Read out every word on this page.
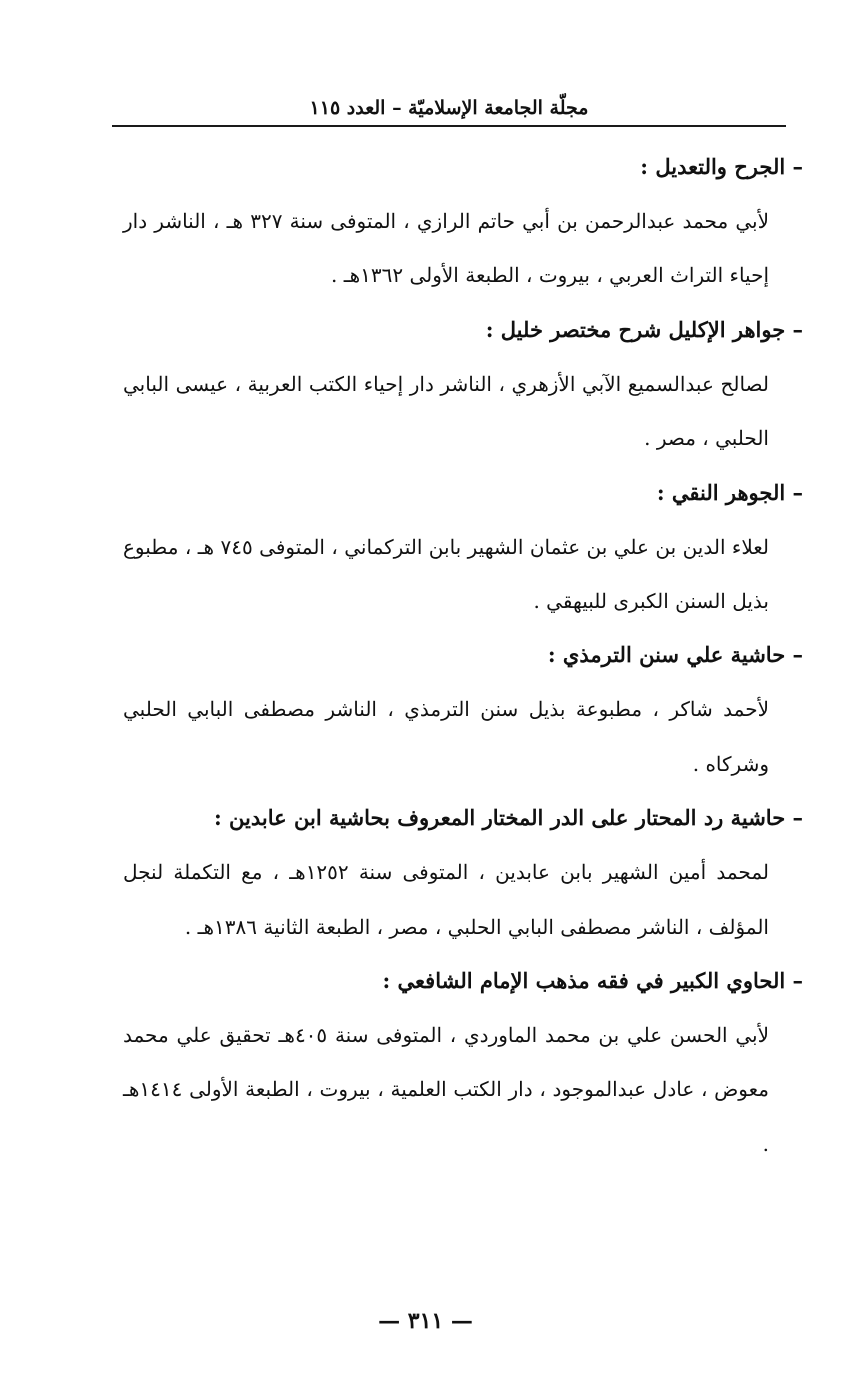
مجلّة الجامعة الإسلاميّة – العدد ١١٥
– الجرح والتعديل :
لأبي محمد عبدالرحمن بن أبي حاتم الرازي ، المتوفى سنة ٣٢٧ هـ ، الناشر دار إحياء التراث العربي ، بيروت ، الطبعة الأولى ١٣٦٢هـ .
– جواهر الإكليل شرح مختصر خليل :
لصالح عبدالسميع الآبي الأزهري ، الناشر دار إحياء الكتب العربية ، عيسى البابي الحلبي ، مصر .
– الجوهر النقي :
لعلاء الدين بن علي بن عثمان الشهير بابن التركماني ، المتوفى ٧٤٥ هـ ، مطبوع بذيل السنن الكبرى للبيهقي .
– حاشية علي سنن الترمذي :
لأحمد شاكر ، مطبوعة بذيل سنن الترمذي ، الناشر مصطفى البابي الحلبي وشركاه .
– حاشية رد المحتار على الدر المختار المعروف بحاشية ابن عابدين :
لمحمد أمين الشهير بابن عابدين ، المتوفى سنة ١٢٥٢هـ ، مع التكملة لنجل المؤلف ، الناشر مصطفى البابي الحلبي ، مصر ، الطبعة الثانية ١٣٨٦هـ .
– الحاوي الكبير في فقه مذهب الإمام الشافعي :
لأبي الحسن علي بن محمد الماوردي ، المتوفى سنة ٤٠٥هـ تحقيق علي محمد معوض ، عادل عبدالموجود ، دار الكتب العلمية ، بيروت ، الطبعة الأولى ١٤١٤هـ .
— ٣١١ —
